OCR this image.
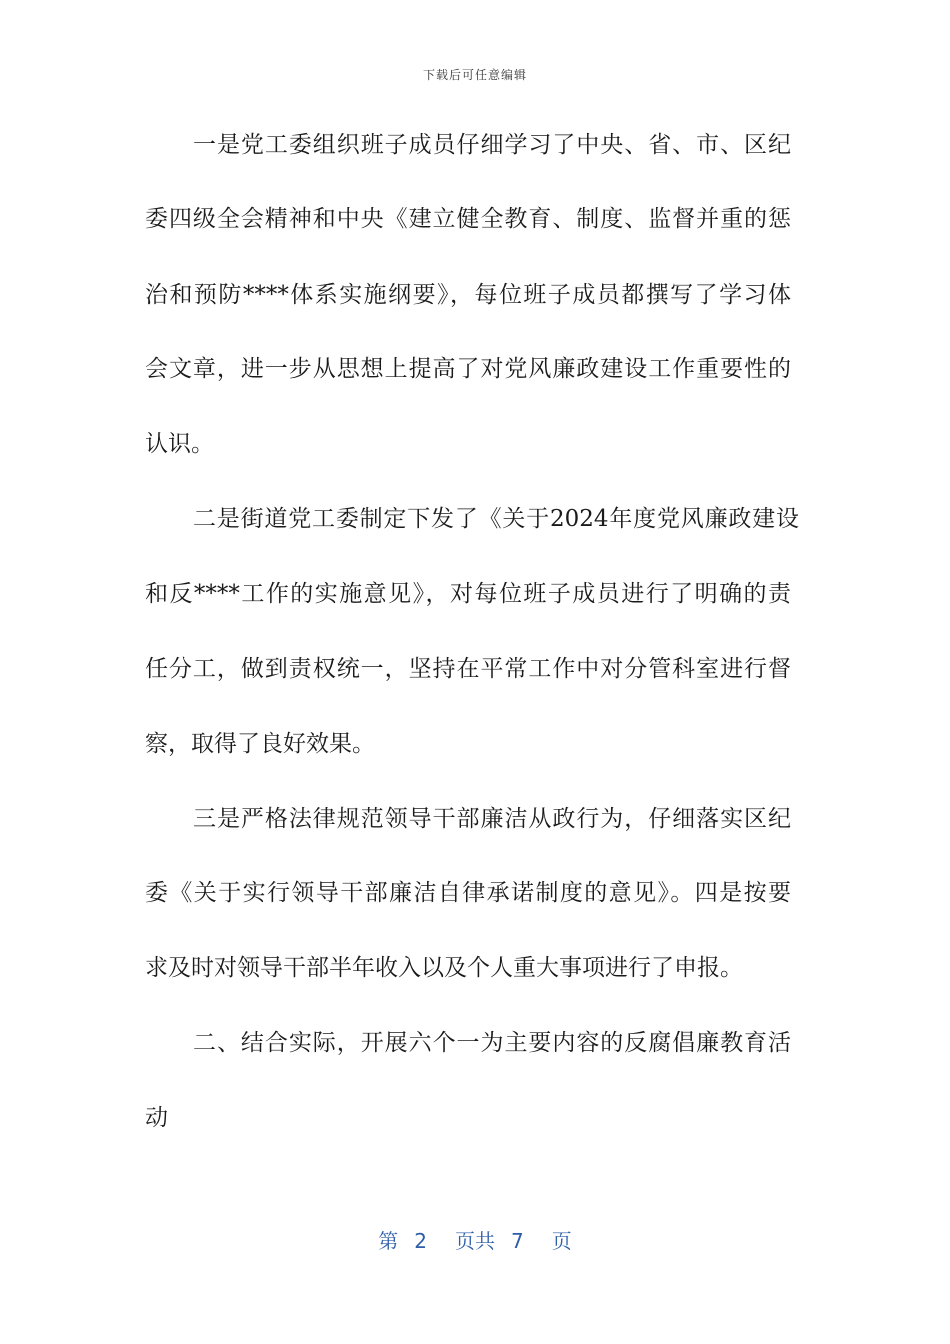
下载后可任意编辑
一是党工委组织班子成员仔细学习了中央、省、市、区纪
委四级全会精神和中央《建立健全教育、制度、监督并重的惩
治和预防****体系实施纲要》，每位班子成员都撰写了学习体
会文章，进一步从思想上提高了对党风廉政建设工作重要性的
认识。
二是街道党工委制定下发了《关于2024年度党风廉政建设
和反****工作的实施意见》，对每位班子成员进行了明确的责
任分工，做到责权统一，坚持在平常工作中对分管科室进行督
察，取得了良好效果。
三是严格法律规范领导干部廉洁从政行为，仔细落实区纪
委《关于实行领导干部廉洁自律承诺制度的意见》。四是按要
求及时对领导干部半年收入以及个人重大事项进行了申报。
二、结合实际，开展六个一为主要内容的反腐倡廉教育活
动
第 2 页共 7 页
